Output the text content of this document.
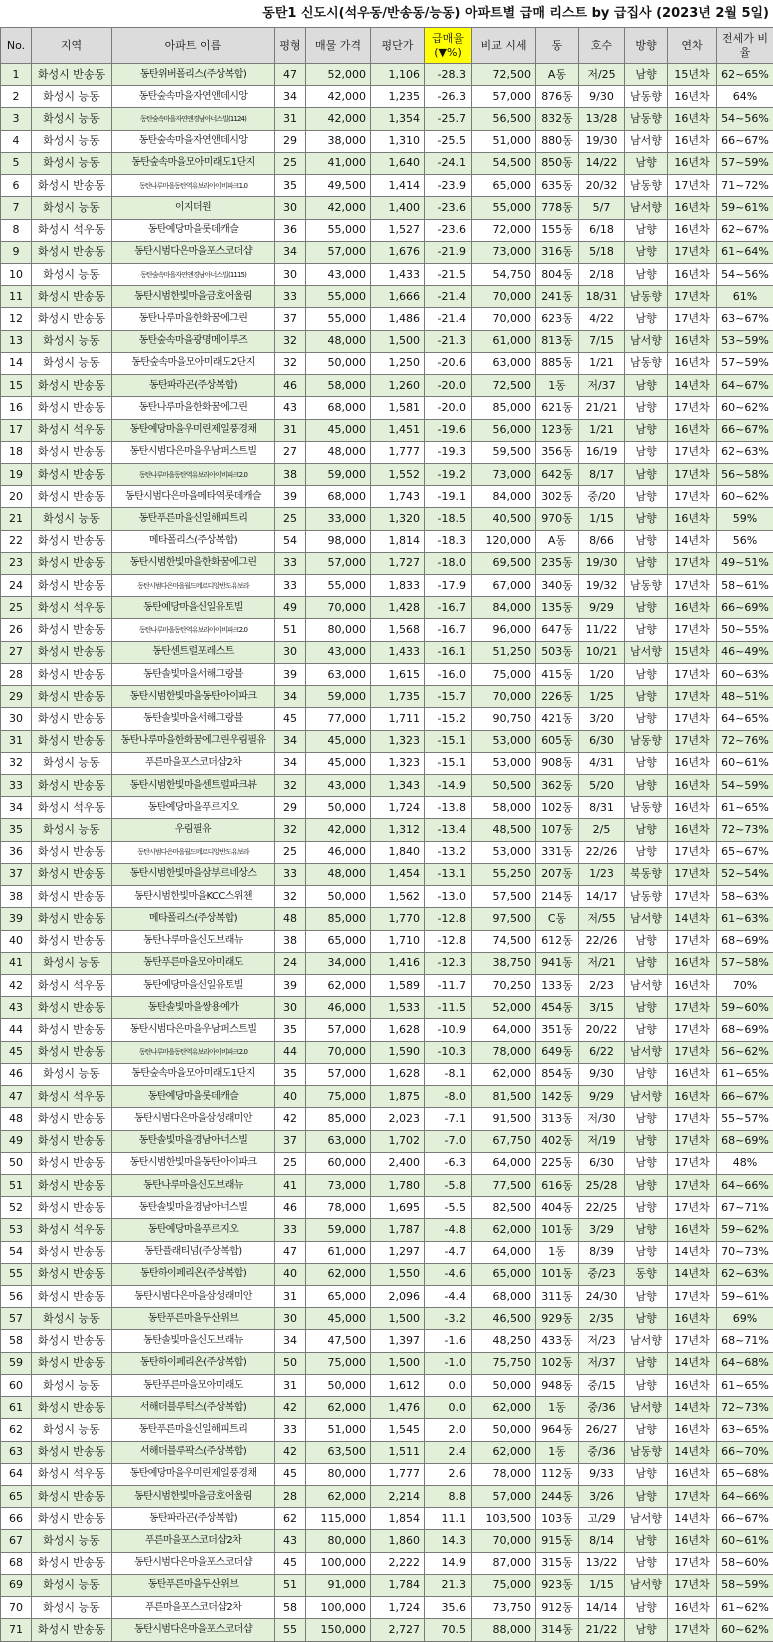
동탄1 신도시(석우동/반송동/능동) 아파트별 급매 리스트 by 급집사 (2023년 2월 5일)
No.	지역	아파트 이름	평형	매물 가격	평단가	급매율 (▼%)	비교 시세	동	호수	방향	연차	전세가 비율
1	화성시 반송동	동탄위버폴리스(주상복합)	47	52,000	1,106	-28.3	72,500	A동	저/25	남향	15년차	62~65%
2	화성시 능동	동탄숲속마을자연앤데시앙	34	42,000	1,235	-26.3	57,000	876동	9/30	남동향	16년차	64%
3	화성시 능동	동탄숲속마을자연앤경남아너스빌(1124)	31	42,000	1,354	-25.7	56,500	832동	13/28	남동향	16년차	54~56%
4	화성시 능동	동탄숲속마을자연앤데시앙	29	38,000	1,310	-25.5	51,000	880동	19/30	남서향	16년차	66~67%
5	화성시 능동	동탄숲속마을모아미래도1단지	25	41,000	1,640	-24.1	54,500	850동	14/22	남향	16년차	57~59%
6	화성시 반송동	동탄나루마을동탄역유보라아이비파크1.0	35	49,500	1,414	-23.9	65,000	635동	20/32	남동향	17년차	71~72%
7	화성시 능동	이지더원	30	42,000	1,400	-23.6	55,000	778동	5/7	남서향	16년차	59~61%
8	화성시 석우동	동탄예당마을롯데캐슬	36	55,000	1,527	-23.6	72,000	155동	6/18	남향	16년차	62~67%
9	화성시 반송동	동탄시범다은마을포스코더샵	34	57,000	1,676	-21.9	73,000	316동	5/18	남향	17년차	61~64%
10	화성시 능동	동탄숲속마을자연앤경남아너스빌(1115)	30	43,000	1,433	-21.5	54,750	804동	2/18	남향	16년차	54~56%
11	화성시 반송동	동탄시범한빛마을금호어울림	33	55,000	1,666	-21.4	70,000	241동	18/31	남동향	17년차	61%
12	화성시 반송동	동탄나루마을한화꿈에그린	37	55,000	1,486	-21.4	70,000	623동	4/22	남향	17년차	63~67%
13	화성시 능동	동탄숲속마을광명메이루즈	32	48,000	1,500	-21.3	61,000	813동	7/15	남서향	16년차	53~59%
14	화성시 능동	동탄숲속마을모아미래도2단지	32	50,000	1,250	-20.6	63,000	885동	1/21	남동향	16년차	57~59%
15	화성시 반송동	동탄파라곤(주상복합)	46	58,000	1,260	-20.0	72,500	1동	저/37	남향	14년차	64~67%
16	화성시 반송동	동탄나루마을한화꿈에그린	43	68,000	1,581	-20.0	85,000	621동	21/21	남향	17년차	60~62%
17	화성시 석우동	동탄예당마을우미린제일풍경채	31	45,000	1,451	-19.6	56,000	123동	1/21	남향	16년차	66~67%
18	화성시 반송동	동탄시범다은마을우남퍼스트빌	27	48,000	1,777	-19.3	59,500	356동	16/19	남향	17년차	62~63%
19	화성시 반송동	동탄나루마을동탄역유보라아이비파크2.0	38	59,000	1,552	-19.2	73,000	642동	8/17	남향	17년차	56~58%
20	화성시 반송동	동탄시범다은마을메타역롯데캐슬	39	68,000	1,743	-19.1	84,000	302동	중/20	남향	17년차	60~62%
21	화성시 능동	동탄푸른마을신일해피트리	25	33,000	1,320	-18.5	40,500	970동	1/15	남향	16년차	59%
22	화성시 반송동	메타폴리스(주상복합)	54	98,000	1,814	-18.3	120,000	A동	8/66	남향	14년차	56%
23	화성시 반송동	동탄시범한빛마을한화꿈에그린	33	57,000	1,727	-18.0	69,500	235동	19/30	남향	17년차	49~51%
24	화성시 반송동	동탄시범다은마을월드메르디앙반도유보라	33	55,000	1,833	-17.9	67,000	340동	19/32	남동향	17년차	58~61%
25	화성시 석우동	동탄예당마을신일유토빌	49	70,000	1,428	-16.7	84,000	135동	9/29	남향	16년차	66~69%
26	화성시 반송동	동탄나루마을동탄역유보라아이비파크2.0	51	80,000	1,568	-16.7	96,000	647동	11/22	남향	17년차	50~55%
27	화성시 반송동	동탄센트럴포레스트	30	43,000	1,433	-16.1	51,250	503동	10/21	남서향	15년차	46~49%
28	화성시 반송동	동탄솔빛마을서해그랑블	39	63,000	1,615	-16.0	75,000	415동	1/20	남향	17년차	60~63%
29	화성시 반송동	동탄시범한빛마을동탄아이파크	34	59,000	1,735	-15.7	70,000	226동	1/25	남향	17년차	48~51%
30	화성시 반송동	동탄솔빛마을서해그랑블	45	77,000	1,711	-15.2	90,750	421동	3/20	남향	17년차	64~65%
31	화성시 반송동	동탄나루마을한화꿈에그린우림필유	34	45,000	1,323	-15.1	53,000	605동	6/30	남동향	17년차	72~76%
32	화성시 능동	푸른마을포스코더샵2차	34	45,000	1,323	-15.1	53,000	908동	4/31	남향	16년차	60~61%
33	화성시 반송동	동탄시범한빛마을센트럴파크뷰	32	43,000	1,343	-14.9	50,500	362동	5/20	남향	16년차	54~59%
34	화성시 석우동	동탄예당마을푸르지오	29	50,000	1,724	-13.8	58,000	102동	8/31	남동향	16년차	61~65%
35	화성시 능동	우림필유	32	42,000	1,312	-13.4	48,500	107동	2/5	남향	16년차	72~73%
36	화성시 반송동	동탄시범다은마을월드메르디앙반도유보라	25	46,000	1,840	-13.2	53,000	331동	22/26	남향	17년차	65~67%
37	화성시 반송동	동탄시범한빛마을삼부르네상스	33	48,000	1,454	-13.1	55,250	207동	1/23	북동향	17년차	52~54%
38	화성시 반송동	동탄시범한빛마을KCC스위첸	32	50,000	1,562	-13.0	57,500	214동	14/17	남동향	17년차	58~63%
39	화성시 반송동	메타폴리스(주상복합)	48	85,000	1,770	-12.8	97,500	C동	저/55	남서향	14년차	61~63%
40	화성시 반송동	동탄나루마을신도브래뉴	38	65,000	1,710	-12.8	74,500	612동	22/26	남향	17년차	68~69%
41	화성시 능동	동탄푸른마을모아미래도	24	34,000	1,416	-12.3	38,750	941동	저/21	남향	16년차	57~58%
42	화성시 석우동	동탄예당마을신일유토빌	39	62,000	1,589	-11.7	70,250	133동	2/23	남서향	16년차	70%
43	화성시 반송동	동탄솔빛마을쌍용예가	30	46,000	1,533	-11.5	52,000	454동	3/15	남향	17년차	59~60%
44	화성시 반송동	동탄시범다은마을우남퍼스트빌	35	57,000	1,628	-10.9	64,000	351동	20/22	남향	17년차	68~69%
45	화성시 반송동	동탄나루마을동탄역유보라아이비파크2.0	44	70,000	1,590	-10.3	78,000	649동	6/22	남서향	17년차	56~62%
46	화성시 능동	동탄숲속마을모아미래도1단지	35	57,000	1,628	-8.1	62,000	854동	9/30	남향	16년차	61~65%
47	화성시 석우동	동탄예당마을롯데캐슬	40	75,000	1,875	-8.0	81,500	142동	9/29	남서향	16년차	66~67%
48	화성시 반송동	동탄시범다은마을삼성래미안	42	85,000	2,023	-7.1	91,500	313동	저/30	남향	17년차	55~57%
49	화성시 반송동	동탄솔빛마을경남아너스빌	37	63,000	1,702	-7.0	67,750	402동	저/19	남향	17년차	68~69%
50	화성시 반송동	동탄시범한빛마을동탄아이파크	25	60,000	2,400	-6.3	64,000	225동	6/30	남향	17년차	48%
51	화성시 반송동	동탄나루마을신도브래뉴	41	73,000	1,780	-5.8	77,500	616동	25/28	남향	17년차	64~66%
52	화성시 반송동	동탄솔빛마을경남아너스빌	46	78,000	1,695	-5.5	82,500	404동	22/25	남향	17년차	67~71%
53	화성시 석우동	동탄예당마을푸르지오	33	59,000	1,787	-4.8	62,000	101동	3/29	남향	16년차	59~62%
54	화성시 반송동	동탄플래티넘(주상복합)	47	61,000	1,297	-4.7	64,000	1동	8/39	남향	14년차	70~73%
55	화성시 반송동	동탄하이페리온(주상복합)	40	62,000	1,550	-4.6	65,000	101동	중/23	동향	14년차	62~63%
56	화성시 반송동	동탄시범다은마을삼성래미안	31	65,000	2,096	-4.4	68,000	311동	24/30	남향	17년차	59~61%
57	화성시 능동	동탄푸른마을두산위브	30	45,000	1,500	-3.2	46,500	929동	2/35	남향	16년차	69%
58	화성시 반송동	동탄솔빛마을신도브래뉴	34	47,500	1,397	-1.6	48,250	433동	저/23	남서향	17년차	68~71%
59	화성시 반송동	동탄하이페리온(주상복합)	50	75,000	1,500	-1.0	75,750	102동	저/37	남향	14년차	64~68%
60	화성시 능동	동탄푸른마을모아미래도	31	50,000	1,612	0.0	50,000	948동	중/15	남향	16년차	61~65%
61	화성시 반송동	서해더블루턱스(주상복합)	42	62,000	1,476	0.0	62,000	1동	중/36	남서향	14년차	72~73%
62	화성시 능동	동탄푸른마을신일해피트리	33	51,000	1,545	2.0	50,000	964동	26/27	남향	16년차	63~65%
63	화성시 반송동	서해더블루팍스(주상복합)	42	63,500	1,511	2.4	62,000	1동	중/36	남동향	14년차	66~70%
64	화성시 석우동	동탄예당마을우미린제일풍경채	45	80,000	1,777	2.6	78,000	112동	9/33	남향	16년차	65~68%
65	화성시 반송동	동탄시범한빛마을금호어울림	28	62,000	2,214	8.8	57,000	244동	3/26	남향	17년차	64~66%
66	화성시 반송동	동탄파라곤(주상복합)	62	115,000	1,854	11.1	103,500	103동	고/29	남서향	14년차	66~67%
67	화성시 능동	푸른마을포스코더샵2차	43	80,000	1,860	14.3	70,000	915동	8/14	남향	16년차	60~61%
68	화성시 반송동	동탄시범다은마을포스코더샵	45	100,000	2,222	14.9	87,000	315동	13/22	남향	17년차	58~60%
69	화성시 능동	동탄푸른마을두산위브	51	91,000	1,784	21.3	75,000	923동	1/15	남서향	17년차	58~59%
70	화성시 능동	푸른마을포스코더샵2차	58	100,000	1,724	35.6	73,750	912동	14/14	남향	16년차	61~62%
71	화성시 반송동	동탄시범다은마을포스코더샵	55	150,000	2,727	70.5	88,000	314동	21/22	남향	17년차	60~62%
